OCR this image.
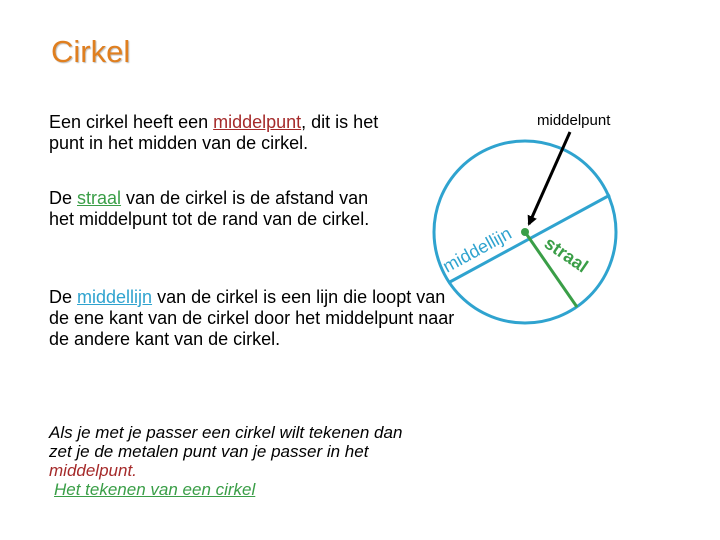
Cirkel
Een cirkel heeft een middelpunt, dit is het punt in het midden van de cirkel.
De straal van de cirkel is de afstand van het middelpunt tot de rand van de cirkel.
De middellijn van de cirkel is een lijn die loopt van de ene kant van de cirkel door het middelpunt naar de andere kant van de cirkel.
Als je met je passer een cirkel wilt tekenen dan zet je de metalen punt van je passer in het middelpunt.
Het tekenen van een cirkel
middelpunt
middellijn straal
